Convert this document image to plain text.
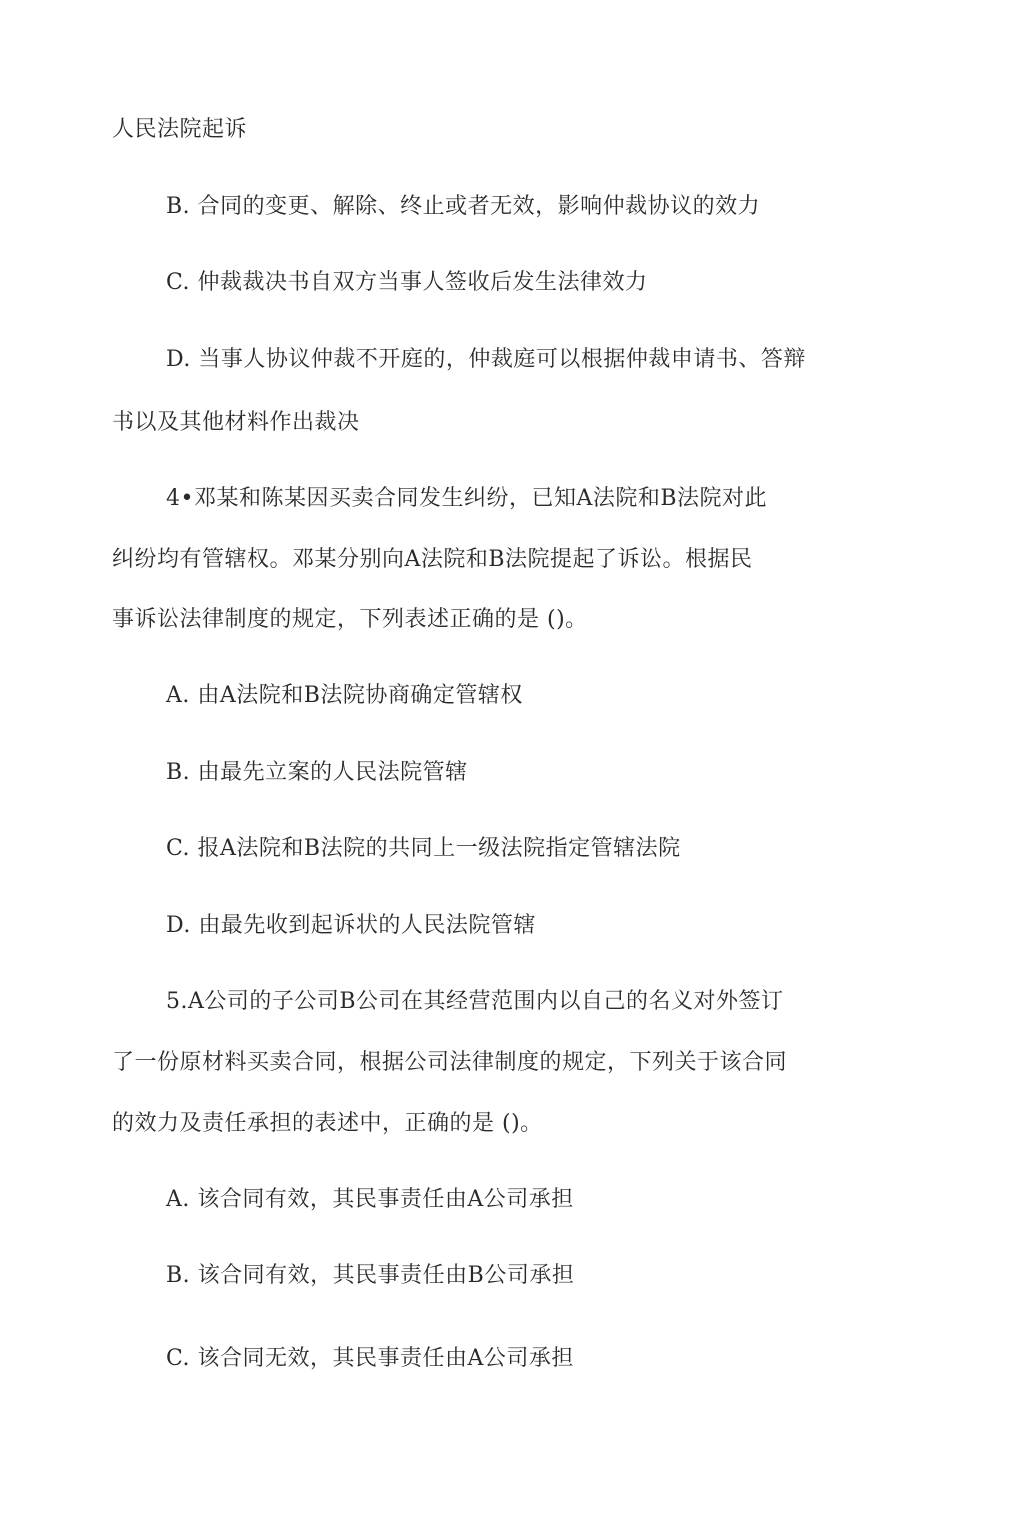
人民法院起诉
B. 合同的变更、解除、终止或者无效，影响仲裁协议的效力
C. 仲裁裁决书自双方当事人签收后发生法律效力
D. 当事人协议仲裁不开庭的，仲裁庭可以根据仲裁申请书、答辩
书以及其他材料作出裁决
4•邓某和陈某因买卖合同发生纠纷，已知A法院和B法院对此
纠纷均有管辖权。邓某分别向A法院和B法院提起了诉讼。根据民
事诉讼法律制度的规定，下列表述正确的是 ()。
A. 由A法院和B法院协商确定管辖权
B. 由最先立案的人民法院管辖
C. 报A法院和B法院的共同上一级法院指定管辖法院
D. 由最先收到起诉状的人民法院管辖
5.A公司的子公司B公司在其经营范围内以自己的名义对外签订
了一份原材料买卖合同，根据公司法律制度的规定，下列关于该合同
的效力及责任承担的表述中，正确的是 ()。
A. 该合同有效，其民事责任由A公司承担
B. 该合同有效，其民事责任由B公司承担
C. 该合同无效，其民事责任由A公司承担
